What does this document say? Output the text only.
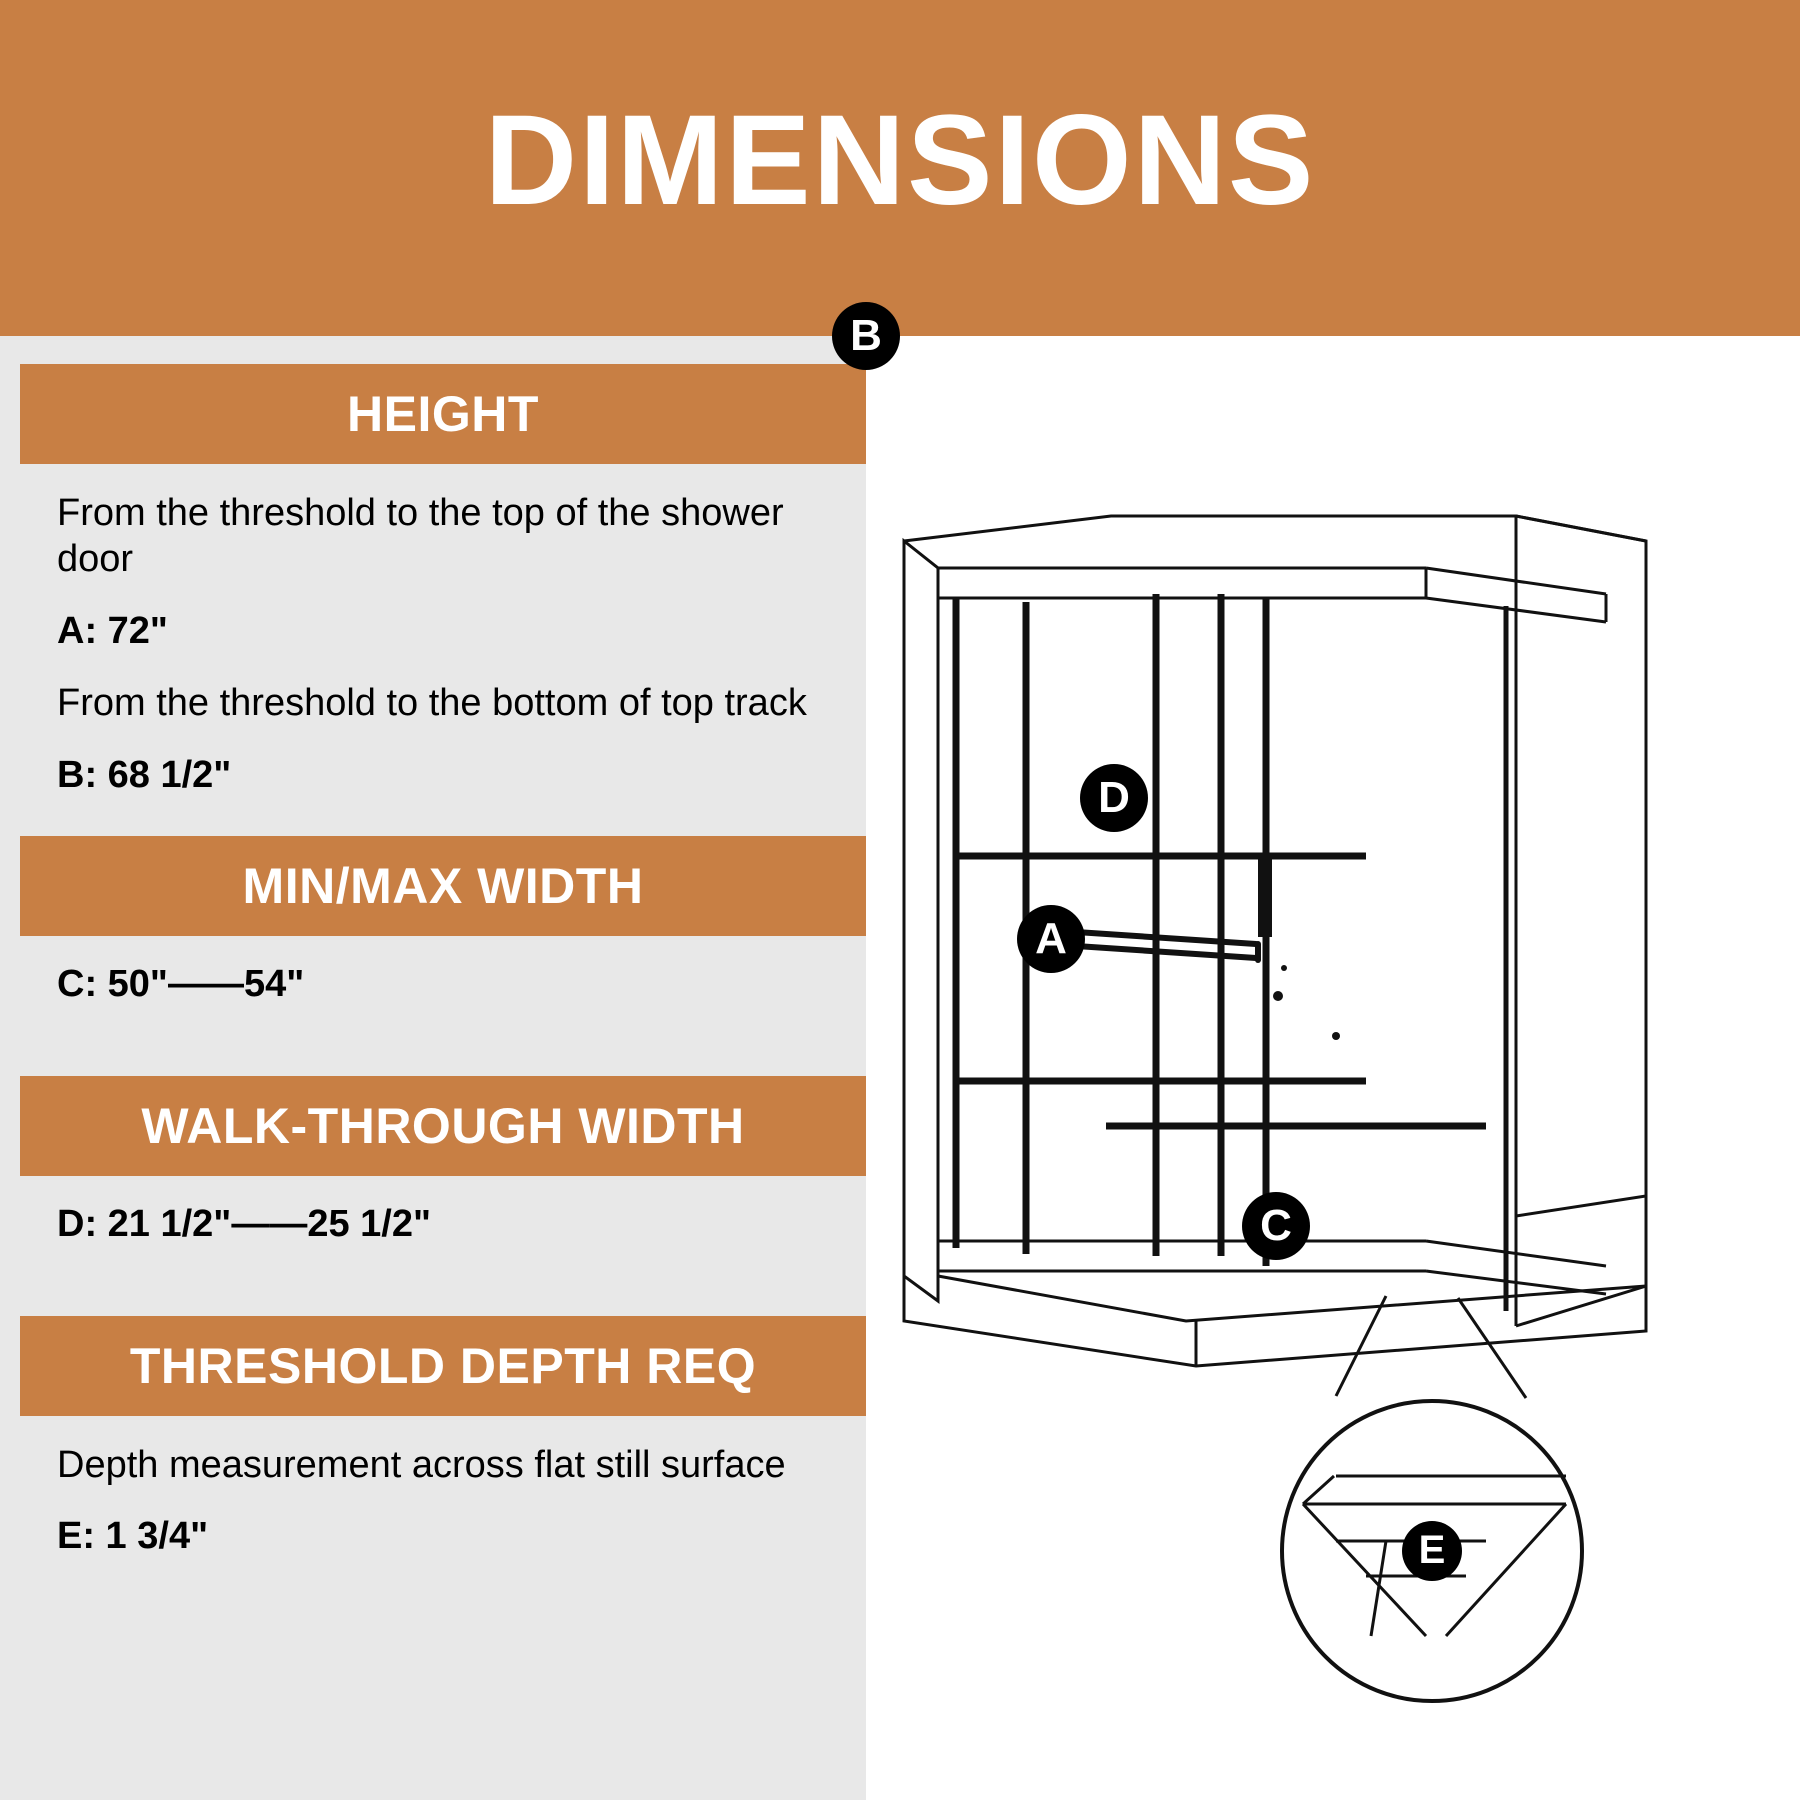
DIMENSIONS
HEIGHT

From the threshold to the top of the shower door

A: 72"

From the threshold to the bottom of top track

B: 68 1/2"

MIN/MAX WIDTH

C: 50"——54"

WALK-THROUGH WIDTH

D: 21 1/2"——25 1/2"

THRESHOLD DEPTH REQ

Depth measurement across flat still surface

E: 1 3/4"

A
B
C
D
E
